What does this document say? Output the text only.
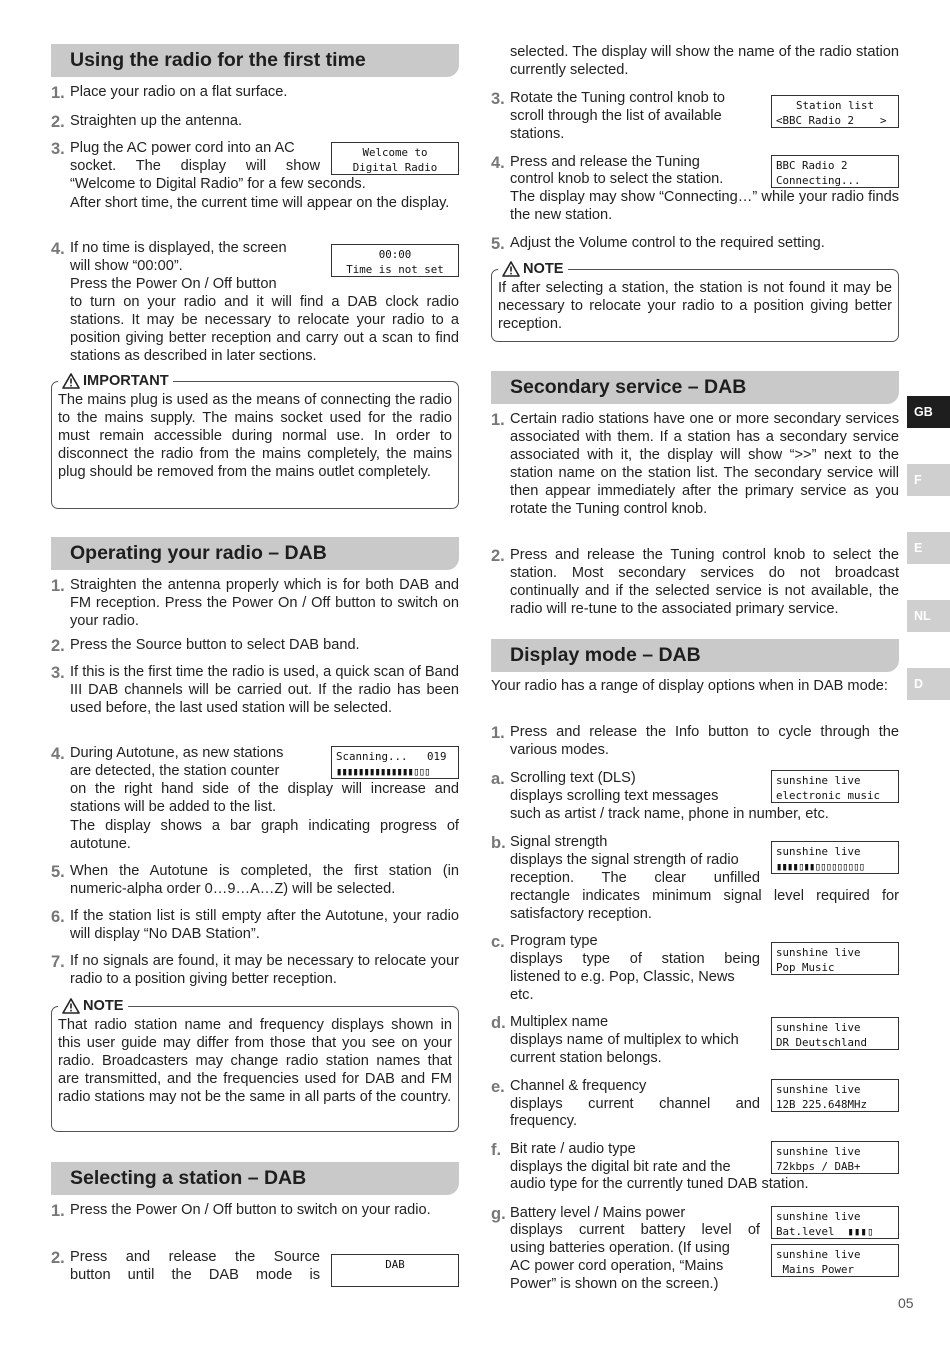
Using the radio for the first time
1. Place your radio on a flat surface.
2. Straighten up the antenna.
3. Plug the AC power cord into an AC
socket. The display will show
“Welcome to Digital Radio” for a few seconds.
After short time, the current time will appear on the display.
Welcome to
Digital Radio
4. If no time is displayed, the screen
will show “00:00”.
Press the Power On / Off button
to turn on your radio and it will find a DAB clock radio stations. It may be necessary to relocate your radio to a position giving better reception and carry out a scan to find stations as described in later sections.
00:00
Time is not set
IMPORTANT
The mains plug is used as the means of connecting the radio to the mains supply. The mains socket used for the radio must remain accessible during normal use. In order to disconnect the radio from the mains completely, the mains plug should be removed from the mains outlet completely.
Operating your radio – DAB
1. Straighten the antenna properly which is for both DAB and FM reception. Press the Power On / Off button to switch on your radio.
2. Press the Source button to select DAB band.
3. If this is the first time the radio is used, a quick scan of Band III DAB channels will be carried out. If the radio has been used before, the last used station will be selected.
4. During Autotune, as new stations
are detected, the station counter
on the right hand side of the display will increase and stations will be added to the list.
The display shows a bar graph indicating progress of autotune.
Scanning...   019
▮▮▮▮▮▮▮▮▮▮▮▮▮▮▯▯▯
5. When the Autotune is completed, the first station (in numeric-alpha order 0…9…A…Z) will be selected.
6. If the station list is still empty after the Autotune, your radio will display “No DAB Station”.
7. If no signals are found, it may be necessary to relocate your radio to a position giving better reception.
NOTE
That radio station name and frequency displays shown in this user guide may differ from those that you see on your radio. Broadcasters may change radio station names that are transmitted, and the frequencies used for DAB and FM radio stations may not be the same in all parts of the country.
Selecting a station – DAB
1. Press the Power On / Off button to switch on your radio.
2. Press and release the Source
button until the DAB mode is
DAB
selected. The display will show the name of the radio station currently selected.
3. Rotate the Tuning control knob to
scroll through the list of available
stations.
Station list
<BBC Radio 2    >
4. Press and release the Tuning
control knob to select the station.
The display may show “Connecting…” while your radio finds the new station.
BBC Radio 2
Connecting...
5. Adjust the Volume control to the required setting.
NOTE
If after selecting a station, the station is not found it may be necessary to relocate your radio to a position giving better reception.
Secondary service – DAB
1. Certain radio stations have one or more secondary services associated with them. If a station has a secondary service associated with it, the display will show “>>” next to the station name on the station list. The secondary service will then appear immediately after the primary service as you rotate the Tuning control knob.
2. Press and release the Tuning control knob to select the station. Most secondary services do not broadcast continually and if the selected service is not available, the radio will re-tune to the associated primary service.
Display mode – DAB
Your radio has a range of display options when in DAB mode:
1. Press and release the Info button to cycle through the various modes.
a. Scrolling text (DLS)
displays scrolling text messages
such as artist / track name, phone in number, etc.
sunshine live
electronic music
b. Signal strength
displays the signal strength of radio
reception. The clear unfilled
rectangle indicates minimum signal level required for satisfactory reception.
sunshine live
▮▮▮▮▯▮▮▯▯▯▯▯▯▯▯▯
c. Program type
displays type of station being
listened to e.g. Pop, Classic, News
etc.
sunshine live
Pop Music
d. Multiplex name
displays name of multiplex to which
current station belongs.
sunshine live
DR Deutschland
e. Channel & frequency
displays current channel and
frequency.
sunshine live
12B 225.648MHz
f. Bit rate / audio type
displays the digital bit rate and the
audio type for the currently tuned DAB station.
sunshine live
72kbps / DAB+
g. Battery level / Mains power
displays current battery level of
using batteries operation. (If using
AC power cord operation, “Mains
Power” is shown on the screen.)
sunshine live
Bat.level  ▮▮▮▯
sunshine live
Mains Power
GB
F
E
NL
D
05
